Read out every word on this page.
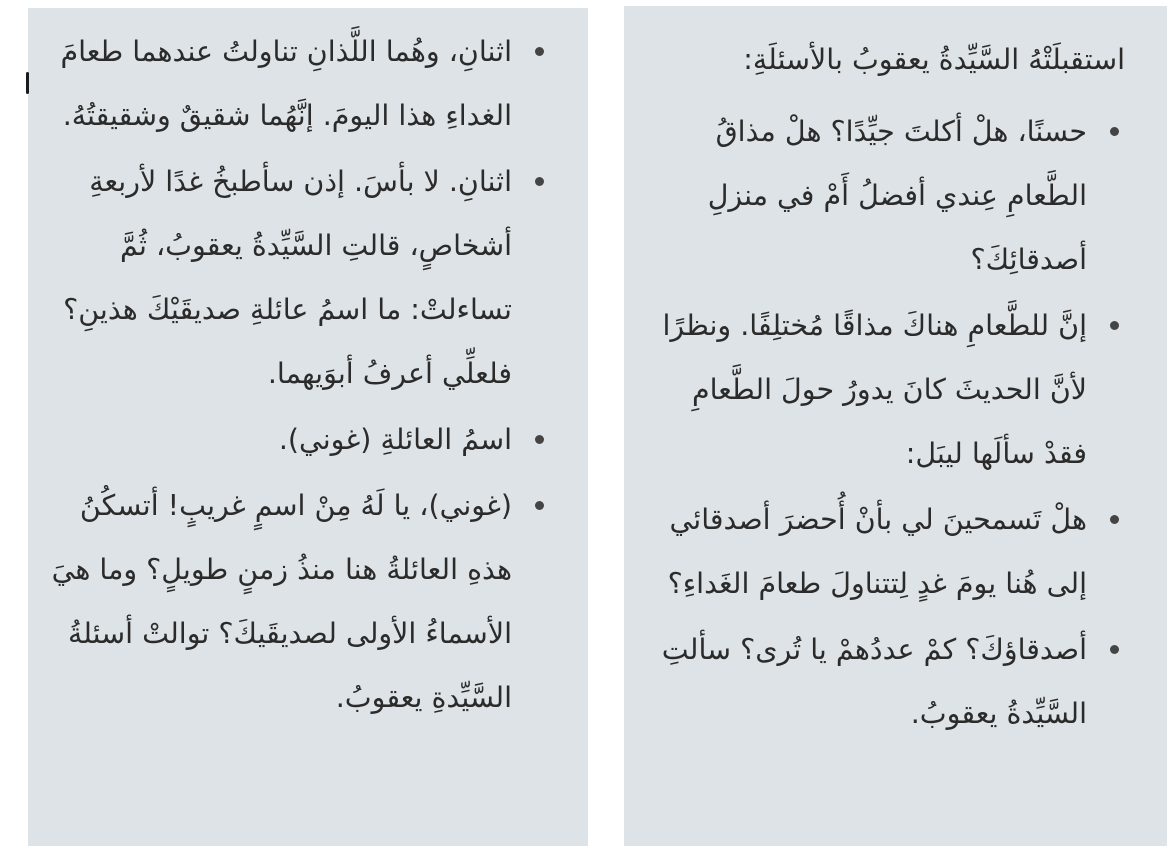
اثنانِ، وهُما اللَّذانِ تناولتُ عندهما طعامَ الغداءِ هذا اليومَ. إنَّهُما شقيقٌ وشقيقتُهُ.
اثنانِ. لا بأسَ. إذن سأطبخُ غدًا لأربعةِ أشخاصٍ، قالتِ السَّيِّدةُ يعقوبُ، ثُمَّ تساءلتْ: ما اسمُ عائلةِ صديقَيْكَ هذينِ؟ فلعلِّي أعرفُ أبوَيهما.
اسمُ العائلةِ (غوني).
(غوني)، يا لَهُ مِنْ اسمٍ غريبٍ! أتسكُنُ هذهِ العائلةُ هنا منذُ زمنٍ طويلٍ؟ وما هيَ الأسماءُ الأولى لصديقَيكَ؟ توالتْ أسئلةُ السَّيِّدةِ يعقوبُ.

استقبلَتْهُ السَّيِّدةُ يعقوبُ بالأسئلَةِ:

حسنًا، هلْ أكلتَ جيِّدًا؟ هلْ مذاقُ الطَّعامِ عِندي أفضلُ أَمْ في منزلِ أصدقائِكَ؟
إنَّ للطَّعامِ هناكَ مذاقًا مُختلِفًا. ونظرًا لأنَّ الحديثَ كانَ يدورُ حولَ الطَّعامِ فقدْ سألَها ليبَل:
هلْ تَسمحينَ لي بأنْ أُحضرَ أصدقائي إلى هُنا يومَ غدٍ لِتتناولَ طعامَ الغَداءِ؟
أصدقاؤكَ؟ كمْ عددُهمْ يا تُرى؟ سألتِ السَّيِّدةُ يعقوبُ.
